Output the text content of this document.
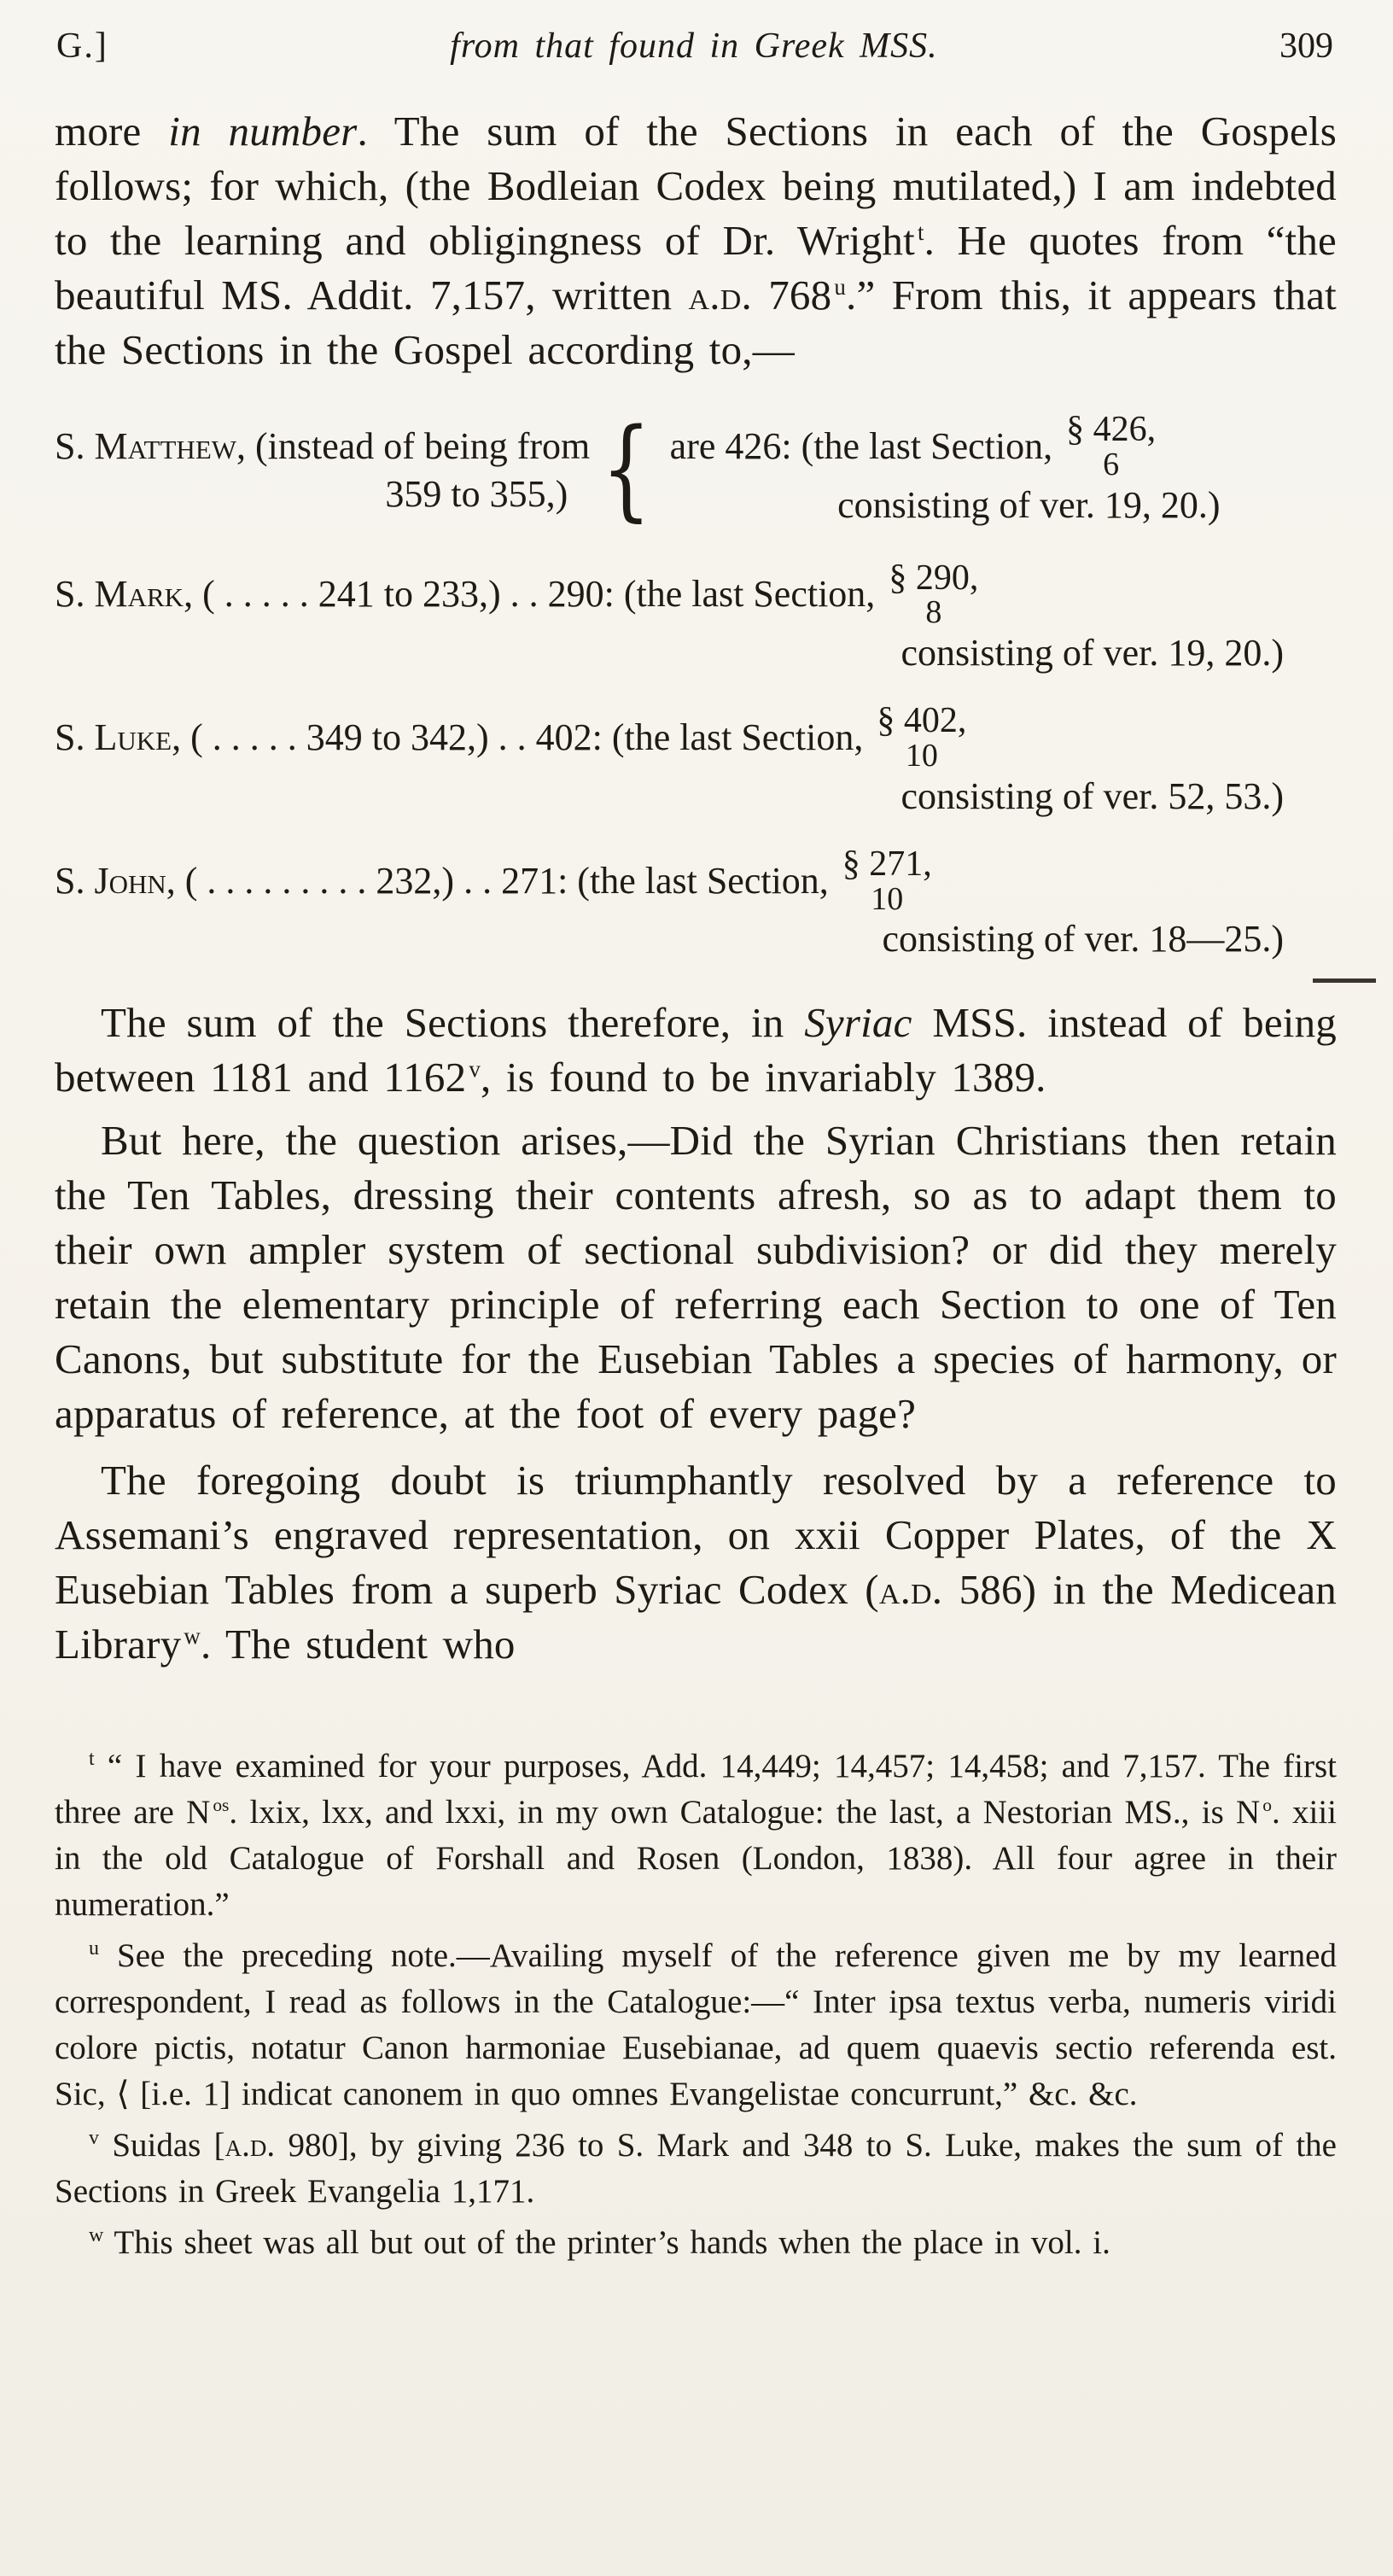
G.]	from that found in Greek MSS.	309

more in number. The sum of the Sections in each of the Gospels follows; for which, (the Bodleian Codex being mutilated,) I am indebted to the learning and obligingness of Dr. Wright $^t$. He quotes from “the beautiful MS. Addit. 7,157, written a.d. 768 $^u$.” From this, it appears that the Sections in the Gospel according to,—

S. Matthew, (instead of being from
359 to 355,) { are 426: (the last Section, § 426,
6
consisting of ver. 19, 20.)
S. Mark, ( . . . . . 241 to 233,) . . 290: (the last Section, § 290,
8
consisting of ver. 19, 20.)
S. Luke, ( . . . . . 349 to 342,) . . 402: (the last Section, § 402,
10
consisting of ver. 52, 53.)
S. John, ( . . . . . . . . . 232,) . . 271: (the last Section, § 271,
10
consisting of ver. 18—25.)

The sum of the Sections therefore, in Syriac MSS. instead of being between 1181 and 1162 $^v$, is found to be invariably 1389.

But here, the question arises,—Did the Syrian Christians then retain the Ten Tables, dressing their contents afresh, so as to adapt them to their own ampler system of sectional subdivision? or did they merely retain the elementary principle of referring each Section to one of Ten Canons, but substitute for the Eusebian Tables a species of harmony, or apparatus of reference, at the foot of every page?

The foregoing doubt is triumphantly resolved by a reference to Assemani’s engraved representation, on xxii Copper Plates, of the X Eusebian Tables from a superb Syriac Codex (a.d. 586) in the Medicean Library $^w$. The student who

$^t$ “ I have examined for your purposes, Add. 14,449; 14,457; 14,458; and 7,157. The first three are N $^{os}$. lxix, lxx, and lxxi, in my own Catalogue: the last, a Nestorian MS., is N $^o$. xiii in the old Catalogue of Forshall and Rosen (London, 1838). All four agree in their numeration.”

$^u$ See the preceding note.—Availing myself of the reference given me by my learned correspondent, I read as follows in the Catalogue:—“ Inter ipsa textus verba, numeris viridi colore pictis, notatur Canon harmoniae Eusebianae, ad quem quaevis sectio referenda est. Sic, ⟨ [i.e. 1] indicat canonem in quo omnes Evangelistae concurrunt,” &c. &c.

$^v$ Suidas [a.d. 980], by giving 236 to S. Mark and 348 to S. Luke, makes the sum of the Sections in Greek Evangelia 1,171.

$^w$ This sheet was all but out of the printer’s hands when the place in vol. i.
